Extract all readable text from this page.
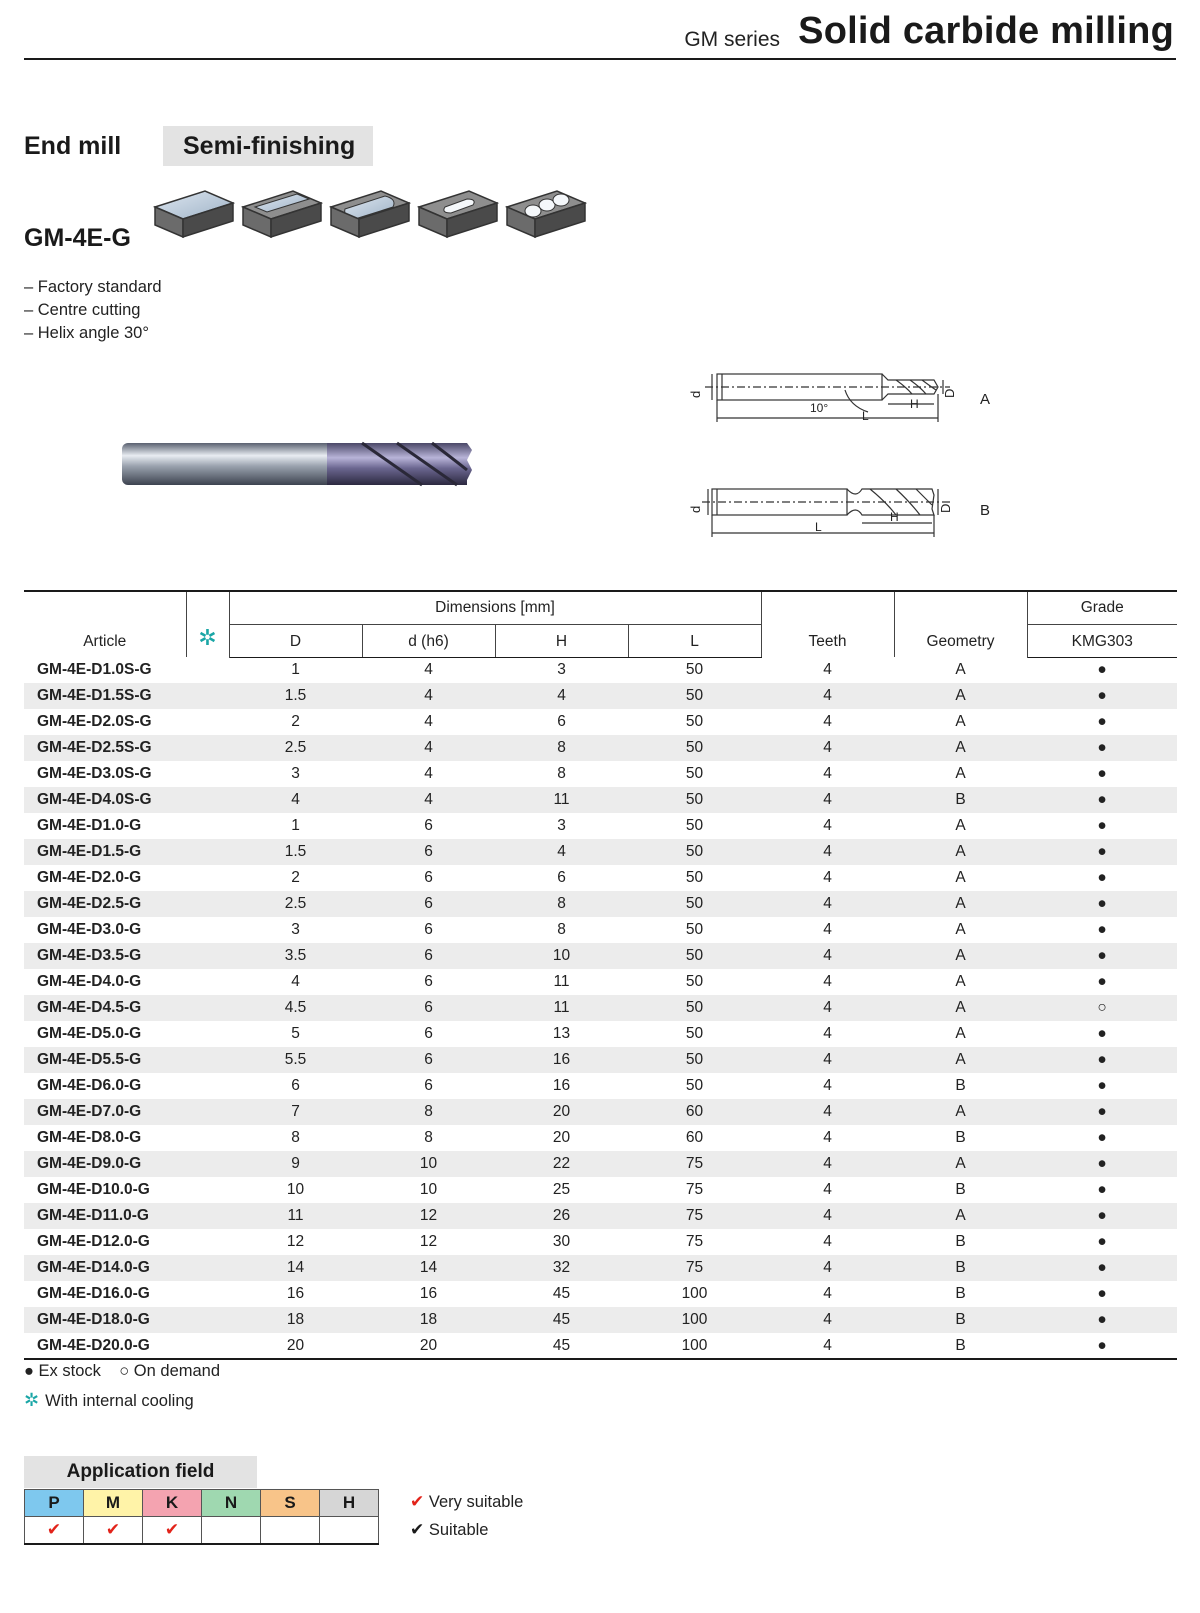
GM series Solid carbide milling
End mill	Semi-finishing
GM-4E-G
– Factory standard
– Centre cutting
– Helix angle 30°
d	D
10°
L
H	A
d	D
L
H	B
Article	✲	Dimensions [mm]				Teeth	Geometry	Grade
		D	d (h6)	H	L			KMG303
GM-4E-D1.0S-G		1	4	3	50	4	A	●
GM-4E-D1.5S-G		1.5	4	4	50	4	A	●
GM-4E-D2.0S-G		2	4	6	50	4	A	●
GM-4E-D2.5S-G		2.5	4	8	50	4	A	●
GM-4E-D3.0S-G		3	4	8	50	4	A	●
GM-4E-D4.0S-G		4	4	11	50	4	B	●
GM-4E-D1.0-G		1	6	3	50	4	A	●
GM-4E-D1.5-G		1.5	6	4	50	4	A	●
GM-4E-D2.0-G		2	6	6	50	4	A	●
GM-4E-D2.5-G		2.5	6	8	50	4	A	●
GM-4E-D3.0-G		3	6	8	50	4	A	●
GM-4E-D3.5-G		3.5	6	10	50	4	A	●
GM-4E-D4.0-G		4	6	11	50	4	A	●
GM-4E-D4.5-G		4.5	6	11	50	4	A	○
GM-4E-D5.0-G		5	6	13	50	4	A	●
GM-4E-D5.5-G		5.5	6	16	50	4	A	●
GM-4E-D6.0-G		6	6	16	50	4	B	●
GM-4E-D7.0-G		7	8	20	60	4	A	●
GM-4E-D8.0-G		8	8	20	60	4	B	●
GM-4E-D9.0-G		9	10	22	75	4	A	●
GM-4E-D10.0-G		10	10	25	75	4	B	●
GM-4E-D11.0-G		11	12	26	75	4	A	●
GM-4E-D12.0-G		12	12	30	75	4	B	●
GM-4E-D14.0-G		14	14	32	75	4	B	●
GM-4E-D16.0-G		16	16	45	100	4	B	●
GM-4E-D18.0-G		18	18	45	100	4	B	●
GM-4E-D20.0-G		20	20	45	100	4	B	●
● Ex stock ○ On demand
✲ With internal cooling
Application field
P	M	K	N	S	H
✔	✔	✔			
✔ Very suitable
✔ Suitable
